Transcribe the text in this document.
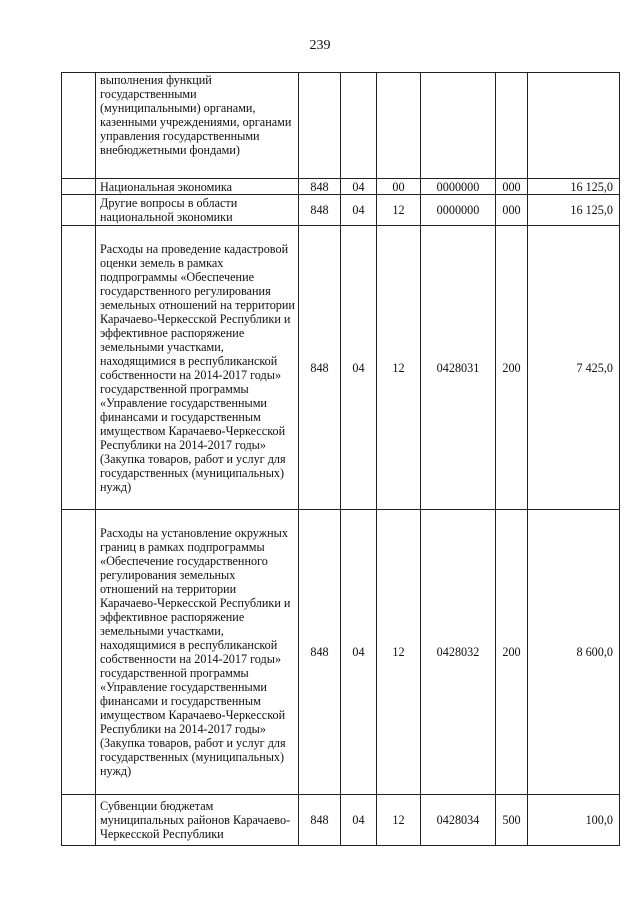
239
	выполнения функций государственными (муниципальными) органами, казенными учреждениями, органами управления государственными внебюджетными фондами)						
	Национальная экономика	848	04	00	0000000	000	16 125,0
	Другие вопросы в области национальной экономики	848	04	12	0000000	000	16 125,0
	Расходы на проведение кадастровой оценки земель в рамках подпрограммы «Обеспечение государственного регулирования земельных отношений на территории Карачаево-Черкесской Республики и эффективное распоряжение земельными участками, находящимися в республиканской собственности на 2014-2017 годы» государственной программы «Управление государственными финансами и государственным имуществом Карачаево-Черкесской Республики на 2014-2017 годы» (Закупка товаров, работ и услуг для государственных (муниципальных) нужд)	848	04	12	0428031	200	7 425,0
	Расходы на установление окружных границ в рамках подпрограммы «Обеспечение государственного регулирования земельных отношений на территории Карачаево-Черкесской Республики и эффективное распоряжение земельными участками, находящимися в республиканской собственности на 2014-2017 годы» государственной программы «Управление государственными финансами и государственным имуществом Карачаево-Черкесской Республики на 2014-2017 годы» (Закупка товаров, работ и услуг для государственных (муниципальных) нужд)	848	04	12	0428032	200	8 600,0
	Субвенции бюджетам муниципальных районов Карачаево-Черкесской Республики	848	04	12	0428034	500	100,0
